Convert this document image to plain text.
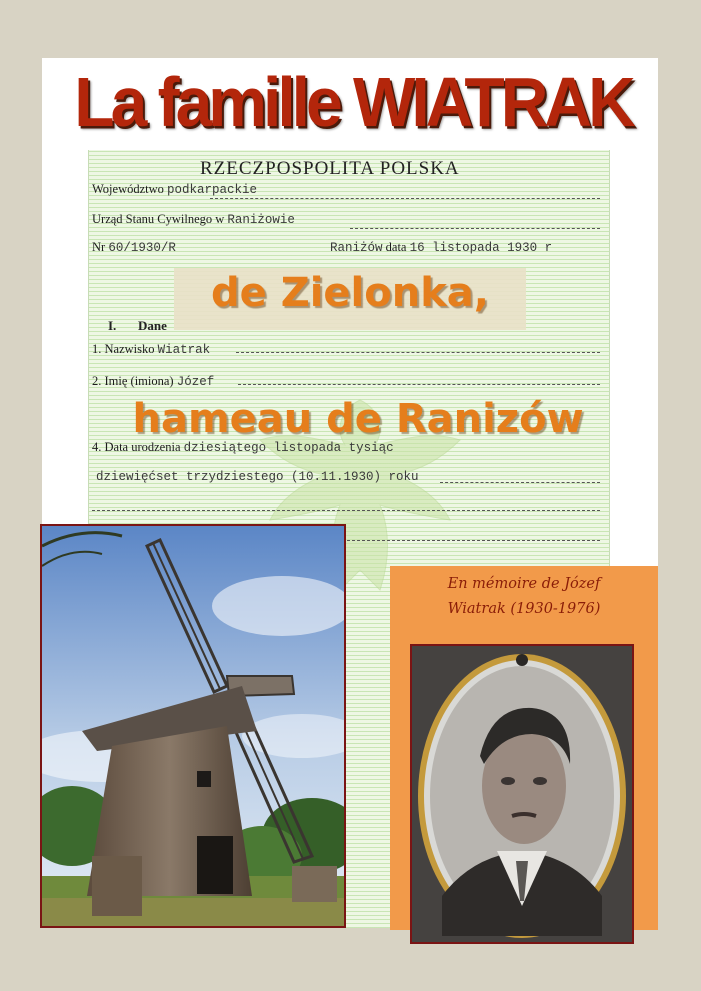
RZECZPOSPOLITA POLSKA
Województwo podkarpackie
Urząd Stanu Cywilnego w Raniżowie
Nr 60/1930/R	Raniżów data 16 listopada 1930 r
I. Dane
1. Nazwisko Wiatrak
2. Imię (imiona) Józef
4. Data urodzenia dziesiątego listopada tysiąc
dziewięćset trzydziestego (10.11.1930) roku
La famille WIATRAK
de Zielonka,
hameau de Ranizów
En mémoire de Józef
Wiatrak (1930-1976)
